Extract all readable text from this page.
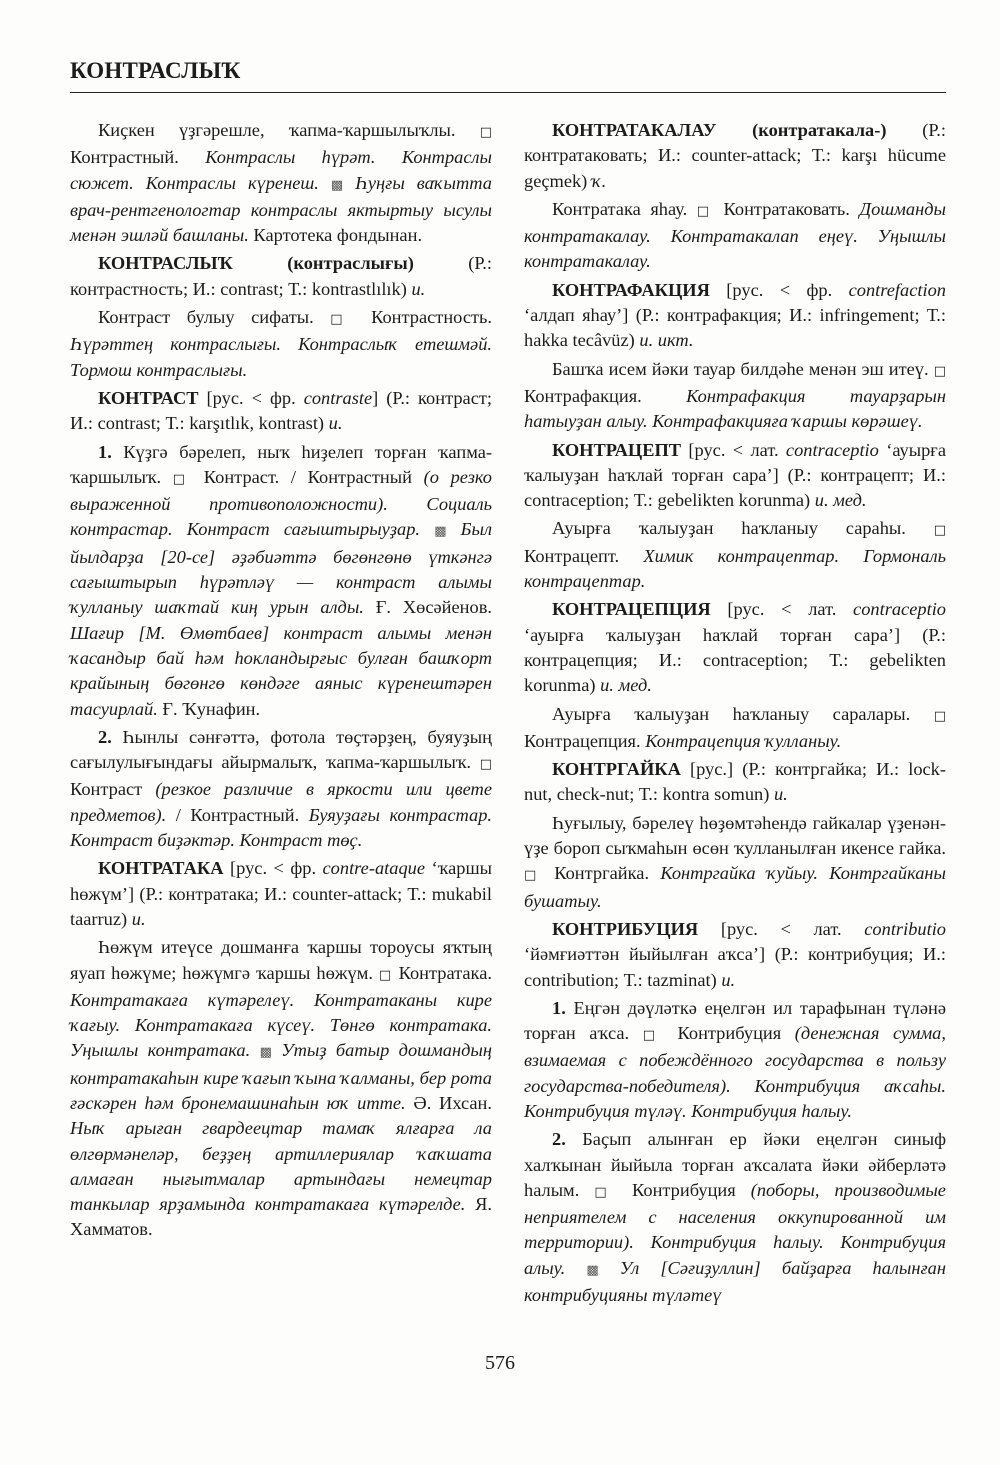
КОНТРАСЛЫҠ

Киҫкен үҙгәрешле, ҡапма-ҡаршылыҡлы. □ Контрастный. Контраслы һүрәт. Контраслы сюжет. Контраслы күренеш. ▩ Һуңғы ваҡытта врач-рентгенологтар контраслы яктыртыу ысулы менән эшләй башланы. Картотека фондынан.

КОНТРАСЛЫҠ (контраслығы) (Р.: контрастность; И.: contrast; Т.: kontrastlılık) и.

Контраст булыу сифаты. □ Контрастность. Һүрәттең контраслығы. Контраслыҡ етешмәй. Тормош контраслығы.

КОНТРАСТ [рус. < фр. contraste] (Р.: контраст; И.: contrast; Т.: karşıtlık, kontrast) и.

1. Күҙгә бәрелеп, ныҡ һиҙелеп торған ҡапма-ҡаршылыҡ. □ Контраст. / Контрастный (о резко выраженной противоположности). Социаль контрастар. Контраст сағыштырыуҙар. ▩ Был йылдарҙа [20-се] әҙәбиәттә бөгөнгөнө үткәнгә сағыштырып һүрәтләү — контраст алымы ҡулланыу шаҡтай киң урын алды. Ғ. Хөсәйенов. Шағир [М. Өмөтбаев] контраст алымы менән ҡасандыр бай һәм һокландырғыс булған башҡорт крайының бөгөнгө көндәге аяныс күренештәрен тасуирлай. Ғ. Ҡунафин.

2. Һынлы сәнғәттә, фотола төҫтәрҙең, буяуҙың сағылулығындағы айырмалыҡ, ҡапма-ҡаршылыҡ. □ Контраст (резкое различие в яркости или цвете предметов). / Контрастный. Буяуҙағы контрастар. Контраст биҙәктәр. Контраст төҫ.

КОНТРАТАКА [рус. < фр. contre-ataque ‘ҡаршы һөжүм’] (Р.: контратака; И.: counter-attack; Т.: mukabil taarruz) и.

Һөжүм итеүсе дошманға ҡаршы тороусы яҡтың яуап һөжүме; һөжүмгә ҡаршы һөжүм. □ Контратака. Контратакаға күтәрелеү. Контратаканы кире ҡағыу. Контратакаға күсеү. Төнгө контратака. Уңышлы контратака. ▩ Утыҙ батыр дошмандың контратакаһын кире ҡағып ҡына ҡалманы, бер рота ғәскәрен һәм бронемашинаһын юҡ итте. Ә. Ихсан. Ныҡ арыған гвардеецтар тамаҡ ялғарға ла өлгөрмәнеләр, беҙҙең артиллериялар ҡаҡшата алмаған нығытмалар артындағы немецтар танкылар ярҙамында контратакаға күтәрелде. Я. Хамматов.

КОНТРАТАКАЛАУ (контратакала-) (Р.: контратаковать; И.: counter-attack; Т.: karşı hücume geçmek) ҡ.

Контратака яһау. □ Контратаковать. Дошманды контратакалау. Контратакалап еңеү. Уңышлы контратакалау.

КОНТРАФАКЦИЯ [рус. < фр. contrefaction ‘алдап яһау’] (Р.: контрафакция; И.: infringement; Т.: hakka tecâvüz) и. икт.

Башҡа исем йәки тауар билдәһе менән эш итеү. □ Контрафакция. Контрафакция тауарҙарын һатыуҙан алыу. Контрафакцияға ҡаршы көрәшеү.

КОНТРАЦЕПТ [рус. < лат. contraceptio ‘ауырға ҡалыуҙан һаҡлай торған сара’] (Р.: контрацепт; И.: contraception; Т.: gebelikten korunma) и. мед.

Ауырға ҡалыуҙан һаҡланыу сараһы. □ Контрацепт. Химик контрацептар. Гормональ контрацептар.

КОНТРАЦЕПЦИЯ [рус. < лат. contraceptio ‘ауырға ҡалыуҙан һаҡлай торған сара’] (Р.: контрацепция; И.: contraception; Т.: gebelikten korunma) и. мед.

Ауырға ҡалыуҙан һаҡланыу саралары. □ Контрацепция. Контрацепция ҡулланыу.

КОНТРГАЙКА [рус.] (Р.: контргайка; И.: lock-nut, check-nut; Т.: kontra somun) и.

Һуғылыу, бәрелеү һөҙөмтәһендә гайкалар үҙенән-үҙе бороп сыҡмаһын өсөн ҡулланылған икенсе гайка. □ Контргайка. Контргайка ҡуйыу. Контргайканы бушатыу.

КОНТРИБУЦИЯ [рус. < лат. contributio ‘йәмғиәттән йыйылған аҡса’] (Р.: контрибуция; И.: contribution; Т.: tazminat) и.

1. Еңгән дәүләткә еңелгән ил тарафынан түләнә торған аҡса. □ Контрибуция (денежная сумма, взимаемая с побеждённого государства в пользу государства-победителя). Контрибуция аҡсаһы. Контрибуция түләү. Контрибуция һалыу.

2. Баҫып алынған ер йәки еңелгән синыф халҡынан йыйыла торған аҡсалата йәки әйберләтә һалым. □ Контрибуция (поборы, производимые неприятелем с населения оккупированной им территории). Контрибуция һалыу. Контрибуция алыу. ▩ Ул [Сәғиҙуллин] байҙарға һалынған контрибуцияны түләтеү

576
